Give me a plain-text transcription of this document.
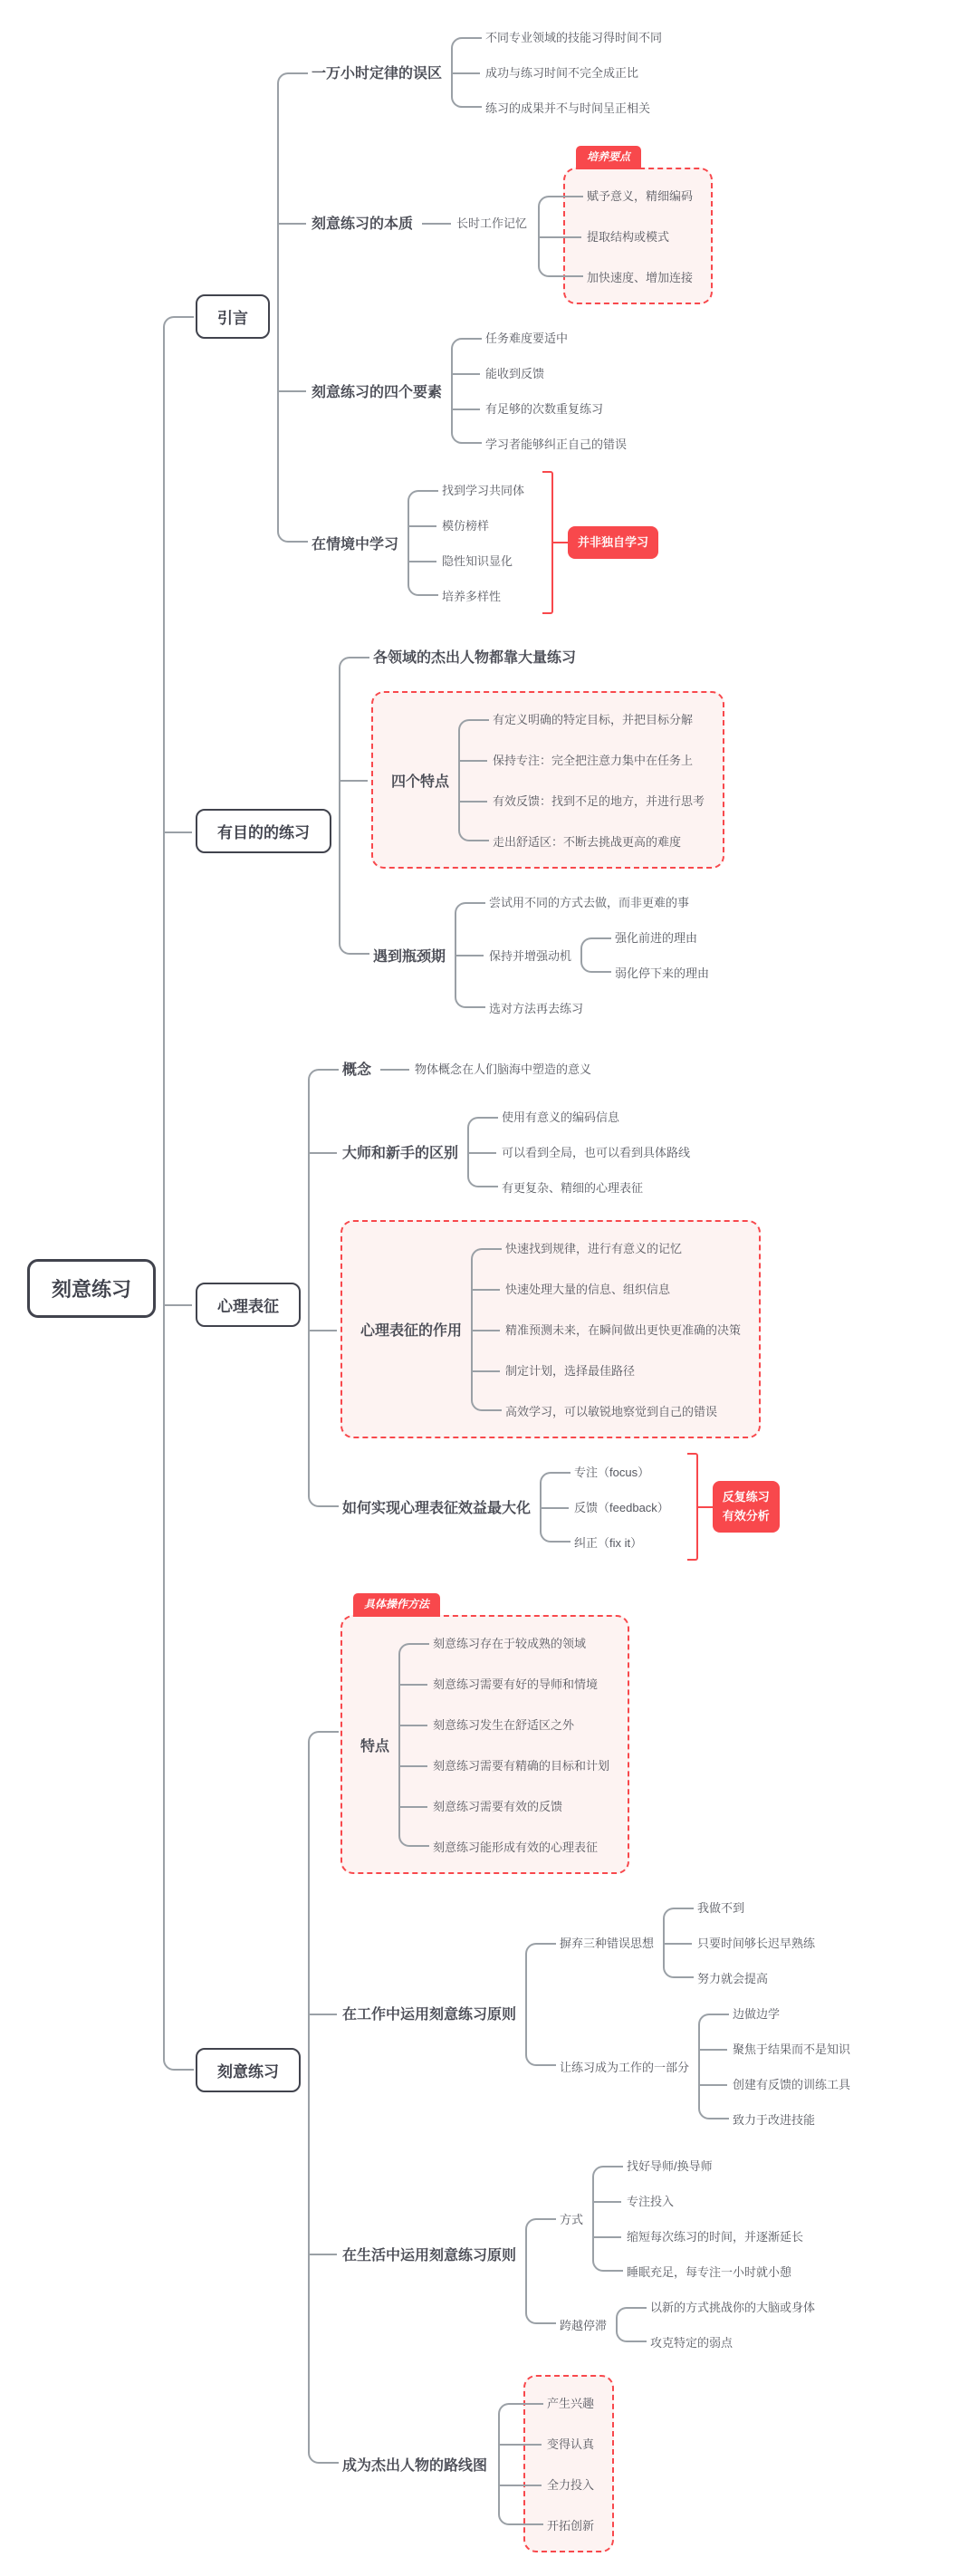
刻意练习
引言
一万小时定律的误区
不同专业领域的技能习得时间不同
成功与练习时间不完全成正比
练习的成果并不与时间呈正相关
刻意练习的本质	长时工作记忆
培养要点
赋予意义，精细编码
提取结构或模式
加快速度、增加连接
刻意练习的四个要素
任务难度要适中
能收到反馈
有足够的次数重复练习
学习者能够纠正自己的错误
在情境中学习
找到学习共同体
模仿榜样
隐性知识显化
培养多样性
并非独自学习
有目的的练习
各领域的杰出人物都靠大量练习
四个特点
有定义明确的特定目标，并把目标分解
保持专注：完全把注意力集中在任务上
有效反馈：找到不足的地方，并进行思考
走出舒适区：不断去挑战更高的难度
遇到瓶颈期
尝试用不同的方式去做，而非更难的事
保持并增强动机
强化前进的理由
弱化停下来的理由
选对方法再去练习
心理表征
概念	物体概念在人们脑海中塑造的意义
大师和新手的区别
使用有意义的编码信息
可以看到全局，也可以看到具体路线
有更复杂、精细的心理表征
心理表征的作用
快速找到规律，进行有意义的记忆
快速处理大量的信息、组织信息
精准预测未来，在瞬间做出更快更准确的决策
制定计划，选择最佳路径
高效学习，可以敏锐地察觉到自己的错误
如何实现心理表征效益最大化
专注（focus）
反馈（feedback）
纠正（fix it）
反复练习
有效分析
刻意练习
具体操作方法
特点
刻意练习存在于较成熟的领域
刻意练习需要有好的导师和情境
刻意练习发生在舒适区之外
刻意练习需要有精确的目标和计划
刻意练习需要有效的反馈
刻意练习能形成有效的心理表征
在工作中运用刻意练习原则
摒弃三种错误思想
我做不到
只要时间够长迟早熟练
努力就会提高
让练习成为工作的一部分
边做边学
聚焦于结果而不是知识
创建有反馈的训练工具
致力于改进技能
在生活中运用刻意练习原则
方式
找好导师/换导师
专注投入
缩短每次练习的时间，并逐渐延长
睡眠充足，每专注一小时就小憩
跨越停滞
以新的方式挑战你的大脑或身体
攻克特定的弱点
成为杰出人物的路线图
产生兴趣
变得认真
全力投入
开拓创新
